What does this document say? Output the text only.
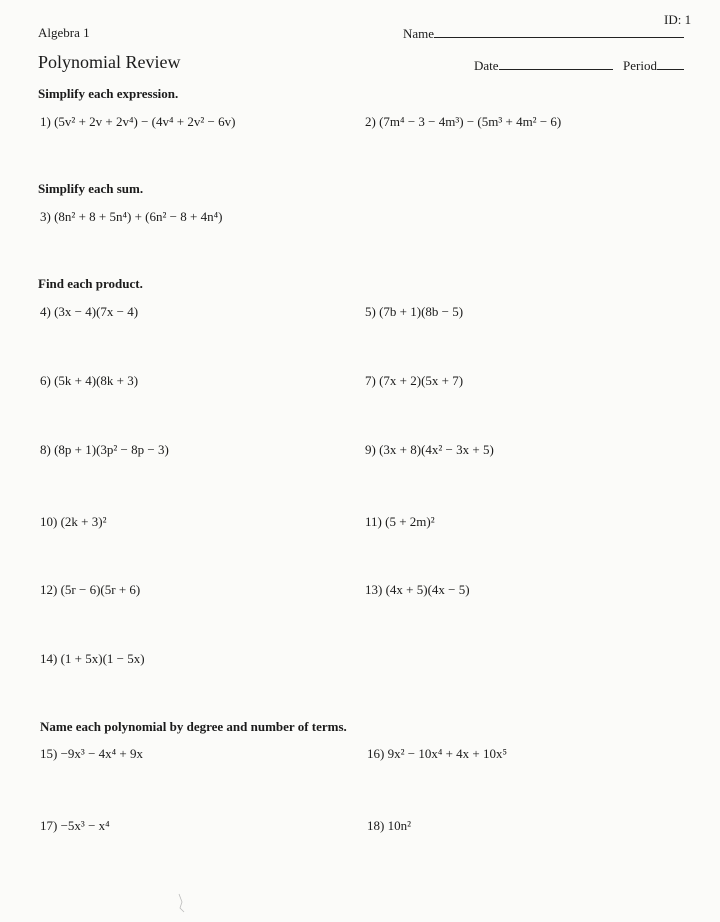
ID: 1
Algebra 1	Name
Polynomial Review	Date	Period
Simplify each expression.
1) (5v² + 2v + 2v⁴) − (4v⁴ + 2v² − 6v)	2) (7m⁴ − 3 − 4m³) − (5m³ + 4m² − 6)
Simplify each sum.
3) (8n² + 8 + 5n⁴) + (6n² − 8 + 4n⁴)
Find each product.
4) (3x − 4)(7x − 4)	5) (7b + 1)(8b − 5)
6) (5k + 4)(8k + 3)	7) (7x + 2)(5x + 7)
8) (8p + 1)(3p² − 8p − 3)	9) (3x + 8)(4x² − 3x + 5)
10) (2k + 3)²	11) (5 + 2m)²
12) (5r − 6)(5r + 6)	13) (4x + 5)(4x − 5)
14) (1 + 5x)(1 − 5x)
Name each polynomial by degree and number of terms.
15) −9x³ − 4x⁴ + 9x	16) 9x² − 10x⁴ + 4x + 10x⁵
17) −5x³ − x⁴	18) 10n²
